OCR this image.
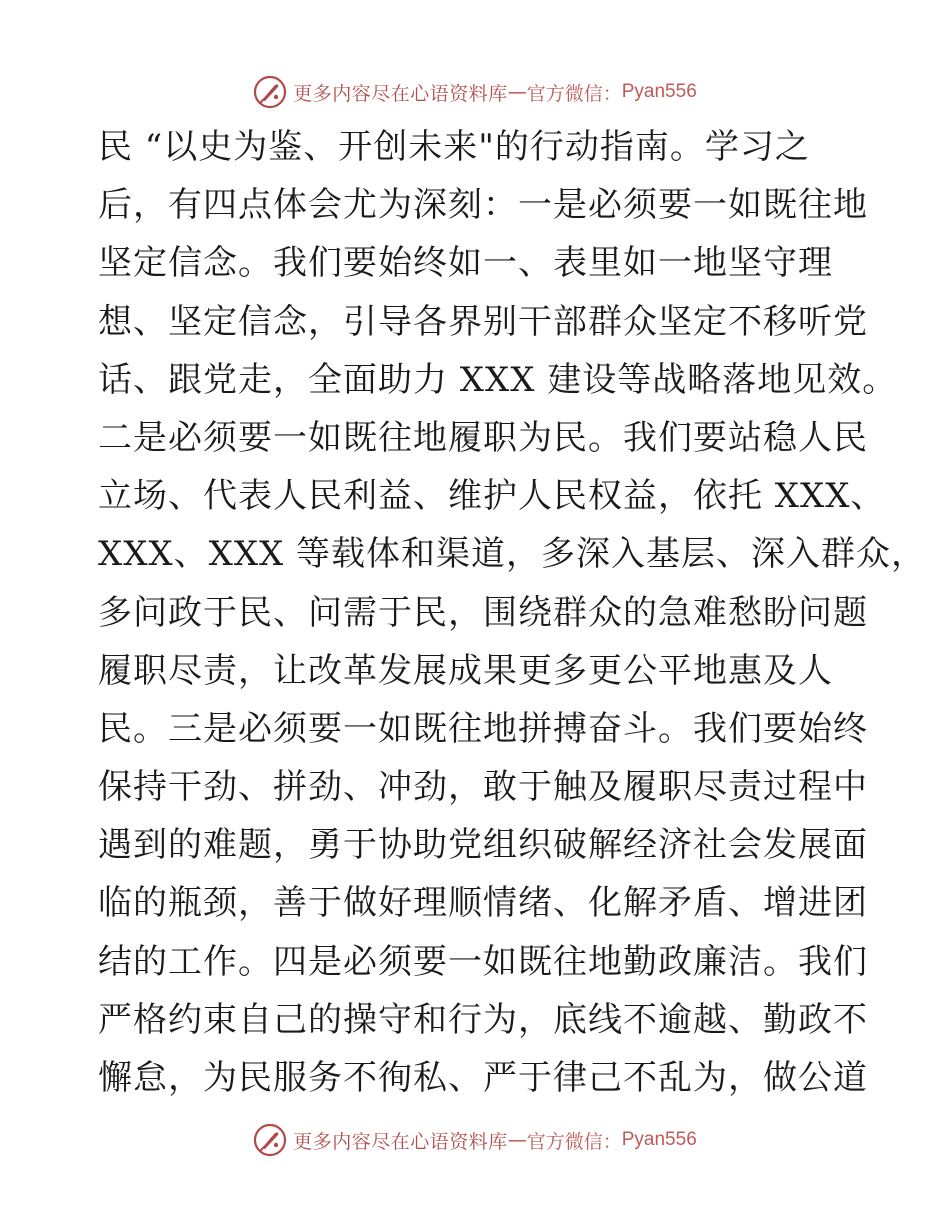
更多内容尽在心语资料库 — 官方微信： Pyan556
民 “以史为鉴、开创未来"的行动指南。学习之
后，有四点体会尤为深刻：一是必须要一如既往地
坚定信念。我们要始终如一、表里如一地坚守理
想、坚定信念，引导各界别干部群众坚定不移听党
话、跟党走，全面助力 XXX 建设等战略落地见效。
二是必须要一如既往地履职为民。我们要站稳人民
立场、代表人民利益、维护人民权益，依托 XXX、
XXX、XXX 等载体和渠道，多深入基层、深入群众，
多问政于民、问需于民，围绕群众的急难愁盼问题
履职尽责，让改革发展成果更多更公平地惠及人
民。三是必须要一如既往地拼搏奋斗。我们要始终
保持干劲、拼劲、冲劲，敢于触及履职尽责过程中
遇到的难题，勇于协助党组织破解经济社会发展面
临的瓶颈，善于做好理顺情绪、化解矛盾、增进团
结的工作。四是必须要一如既往地勤政廉洁。我们
严格约束自己的操守和行为，底线不逾越、勤政不
懈怠，为民服务不徇私、严于律己不乱为，做公道
更多内容尽在心语资料库 — 官方微信： Pyan556
